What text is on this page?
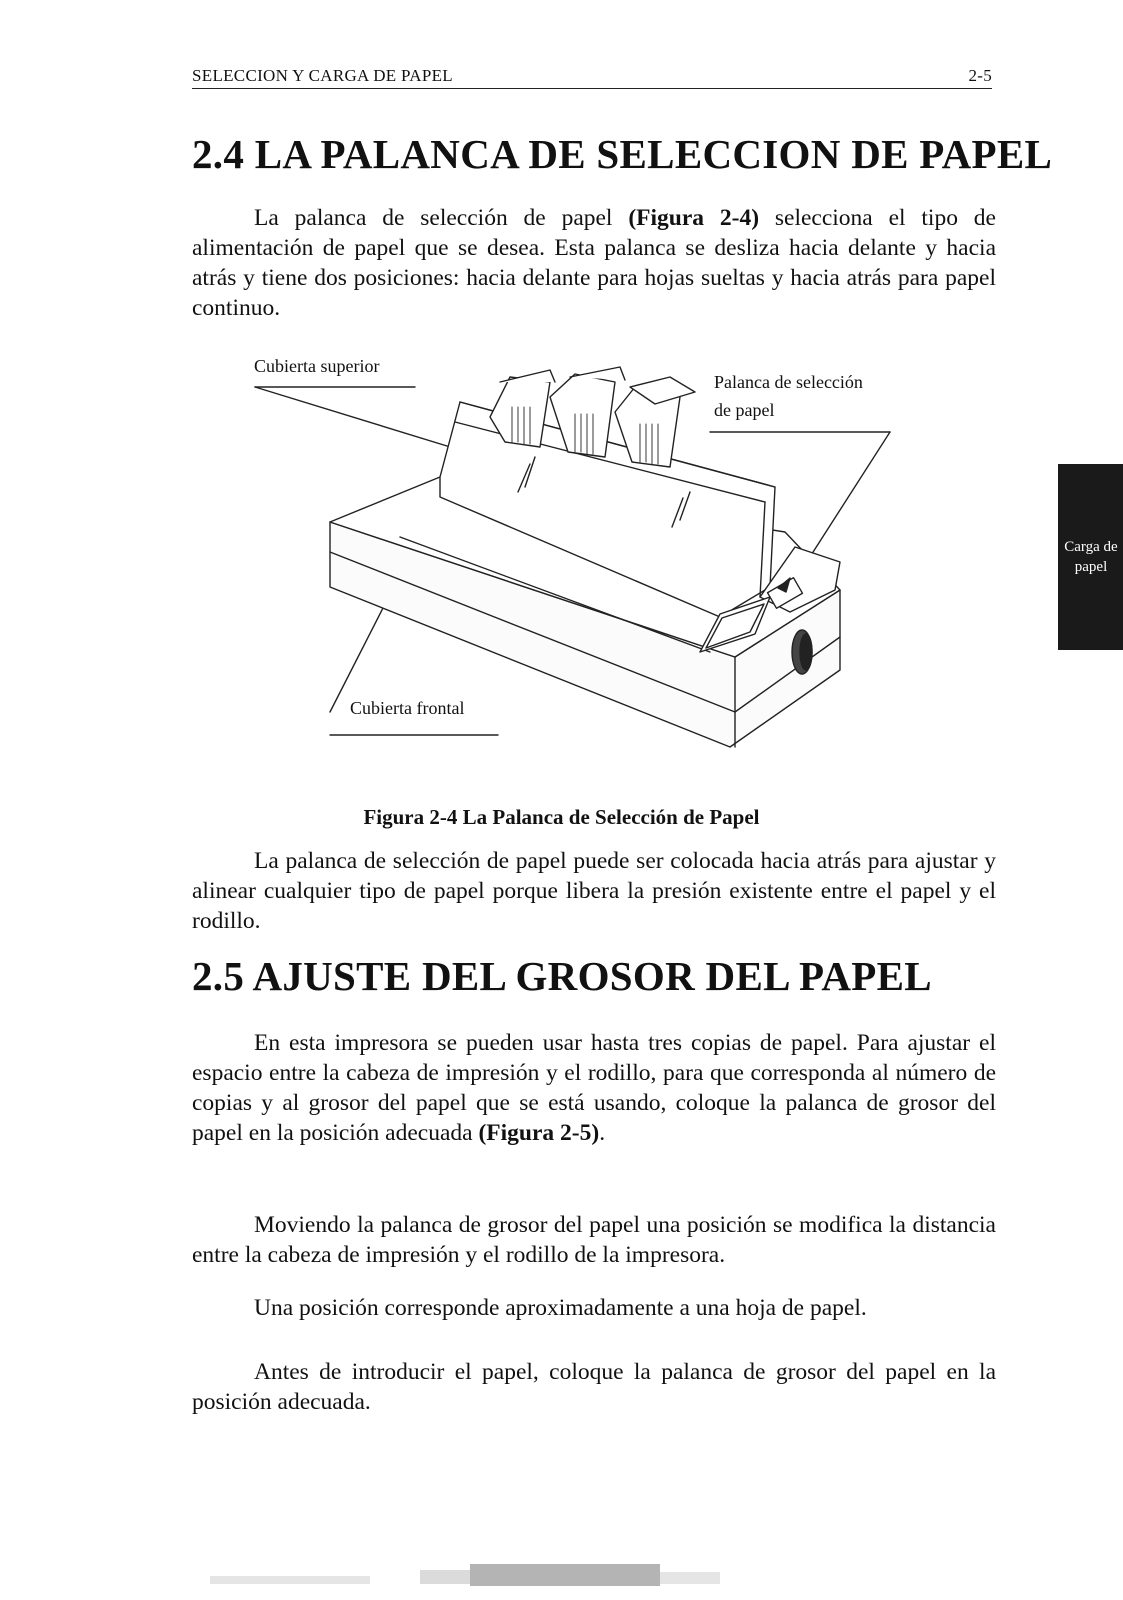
SELECCION Y CARGA DE PAPEL	2-5
2.4 LA PALANCA DE SELECCION DE PAPEL

La palanca de selección de papel (Figura 2-4) selecciona el tipo de alimentación de papel que se desea. Esta palanca se desliza hacia delante y hacia atrás y tiene dos posiciones: hacia delante para hojas sueltas y hacia atrás para papel continuo.

Cubierta superior
Palanca de selección
de papel
Cubierta frontal

Figura 2-4 La Palanca de Selección de Papel

La palanca de selección de papel puede ser colocada hacia atrás para ajustar y alinear cualquier tipo de papel porque libera la presión existente entre el papel y el rodillo.

2.5 AJUSTE DEL GROSOR DEL PAPEL

En esta impresora se pueden usar hasta tres copias de papel. Para ajustar el espacio entre la cabeza de impresión y el rodillo, para que corresponda al número de copias y al grosor del papel que se está usando, coloque la palanca de grosor del papel en la posición adecuada (Figura 2-5).

Moviendo la palanca de grosor del papel una posición se modifica la distancia entre la cabeza de impresión y el rodillo de la impresora.

Una posición corresponde aproximadamente a una hoja de papel.

Antes de introducir el papel, coloque la palanca de grosor del papel en la posición adecuada.

Carga de
papel
